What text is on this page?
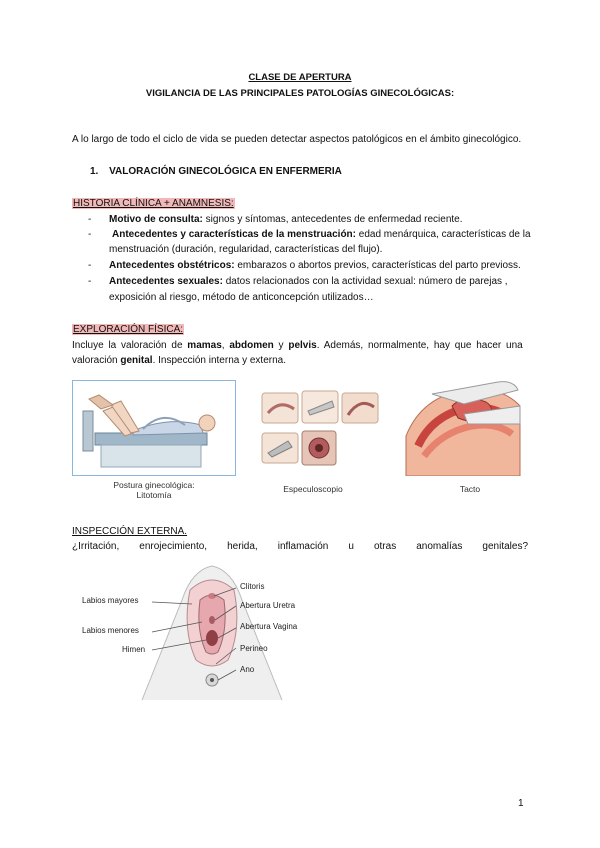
CLASE DE APERTURA
VIGILANCIA DE LAS PRINCIPALES PATOLOGÍAS GINECOLÓGICAS:
A lo largo de todo el ciclo de vida se pueden detectar aspectos patológicos en el ámbito ginecológico.
1. VALORACIÓN GINECOLÓGICA EN ENFERMERIA
HISTORIA CLÍNICA + ANAMNESIS:
- Motivo de consulta: signos y síntomas, antecedentes de enfermedad reciente.
- Antecedentes y características de la menstruación: edad menárquica, características de la
menstruación (duración, regularidad, características del flujo).
- Antecedentes obstétricos: embarazos o abortos previos, características del parto previoss.
- Antecedentes sexuales: datos relacionados con la actividad sexual: número de parejas ,
exposición al riesgo, método de anticoncepción utilizados…
EXPLORACIÓN FÍSICA:
Incluye la valoración de mamas, abdomen y pelvis. Además, normalmente, hay que hacer una
valoración genital. Inspección interna y externa.
Postura ginecológica:
Litotomía
Especuloscopio	Tacto
INSPECCIÓN EXTERNA.
¿Irritación, enrojecimiento, herida, inflamación u otras anomalías genitales?
Labios mayores
Labios menores
Himen
Clitoris
Abertura Uretra
Abertura Vagina
Perineo
Ano
1
